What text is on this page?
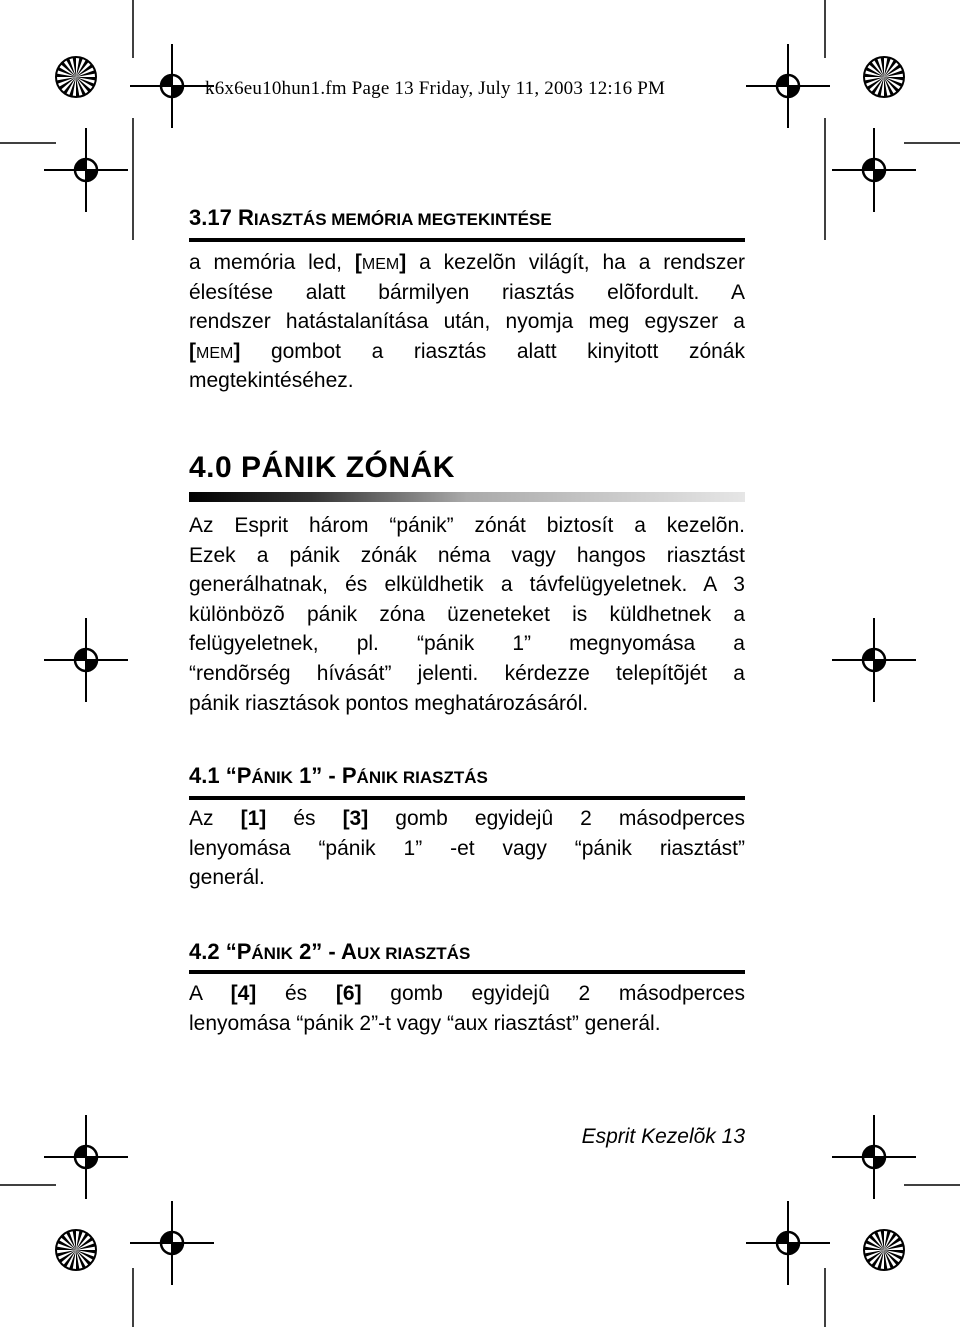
k6x6eu10hun1.fm Page 13 Friday, July 11, 2003 12:16 PM
3.17 RIASZTÁS MEMÓRIA MEGTEKINTÉSE
a memória led, [MEM] a kezelõn világít, ha a rendszer
élesítése alatt bármilyen riasztás elõfordult. A
rendszer hatástalanítása után, nyomja meg egyszer a
[MEM] gombot a riasztás alatt kinyitott zónák
megtekintéséhez.
4.0 PÁNIK ZÓNÁK
Az Esprit három “pánik” zónát biztosít a kezelõn.
Ezek a pánik zónák néma vagy hangos riasztást
generálhatnak, és elküldhetik a távfelügyeletnek. A 3
különbözõ pánik zóna üzeneteket is küldhetnek a
felügyeletnek, pl. “pánik 1” megnyomása a
“rendõrség hívását” jelenti. kérdezze telepítõjét a
pánik riasztások pontos meghatározásáról.
4.1 “PÁNIK 1” - PÁNIK RIASZTÁS
Az [1] és [3] gomb egyidejû 2 másodperces
lenyomása “pánik 1” -et vagy “pánik riasztást”
generál.
4.2 “PÁNIK 2” - AUX RIASZTÁS
A [4] és [6] gomb egyidejû 2 másodperces
lenyomása “pánik 2”-t vagy “aux riasztást” generál.
Esprit Kezelõk 13
